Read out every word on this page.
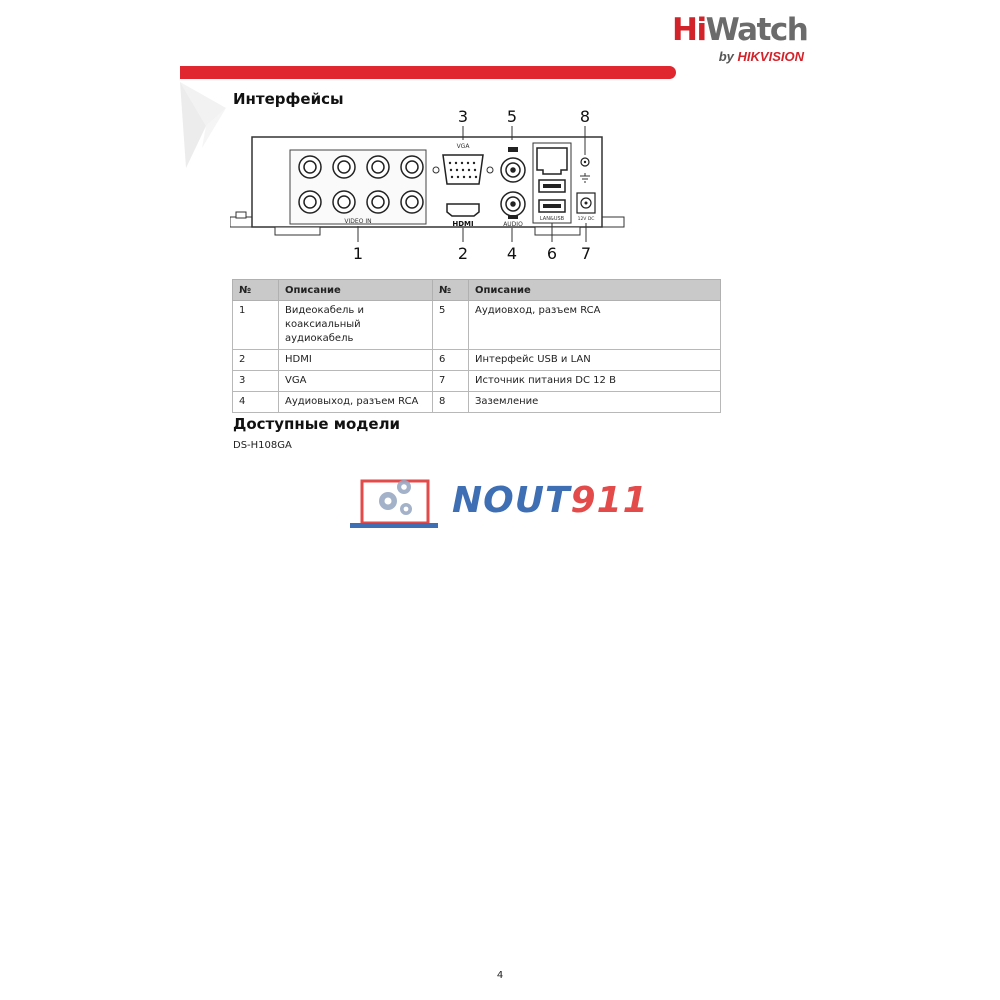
HiWatch
by HIKVISION
Интерфейсы
VIDEO IN
VGA
HDMI	AUDIO
LAN&USB	12V DC
3 5	8
1	2 4 6 7
№	Описание	№	Описание
1	Видеокабель и коаксиальный аудиокабель	5	Аудиовход, разъем RCA
2	HDMI	6	Интерфейс USB и LAN
3	VGA	7	Источник питания DC 12 В
4	Аудиовыход, разъем RCA	8	Заземление
Доступные модели
DS-H108GA
NOUT911
4
